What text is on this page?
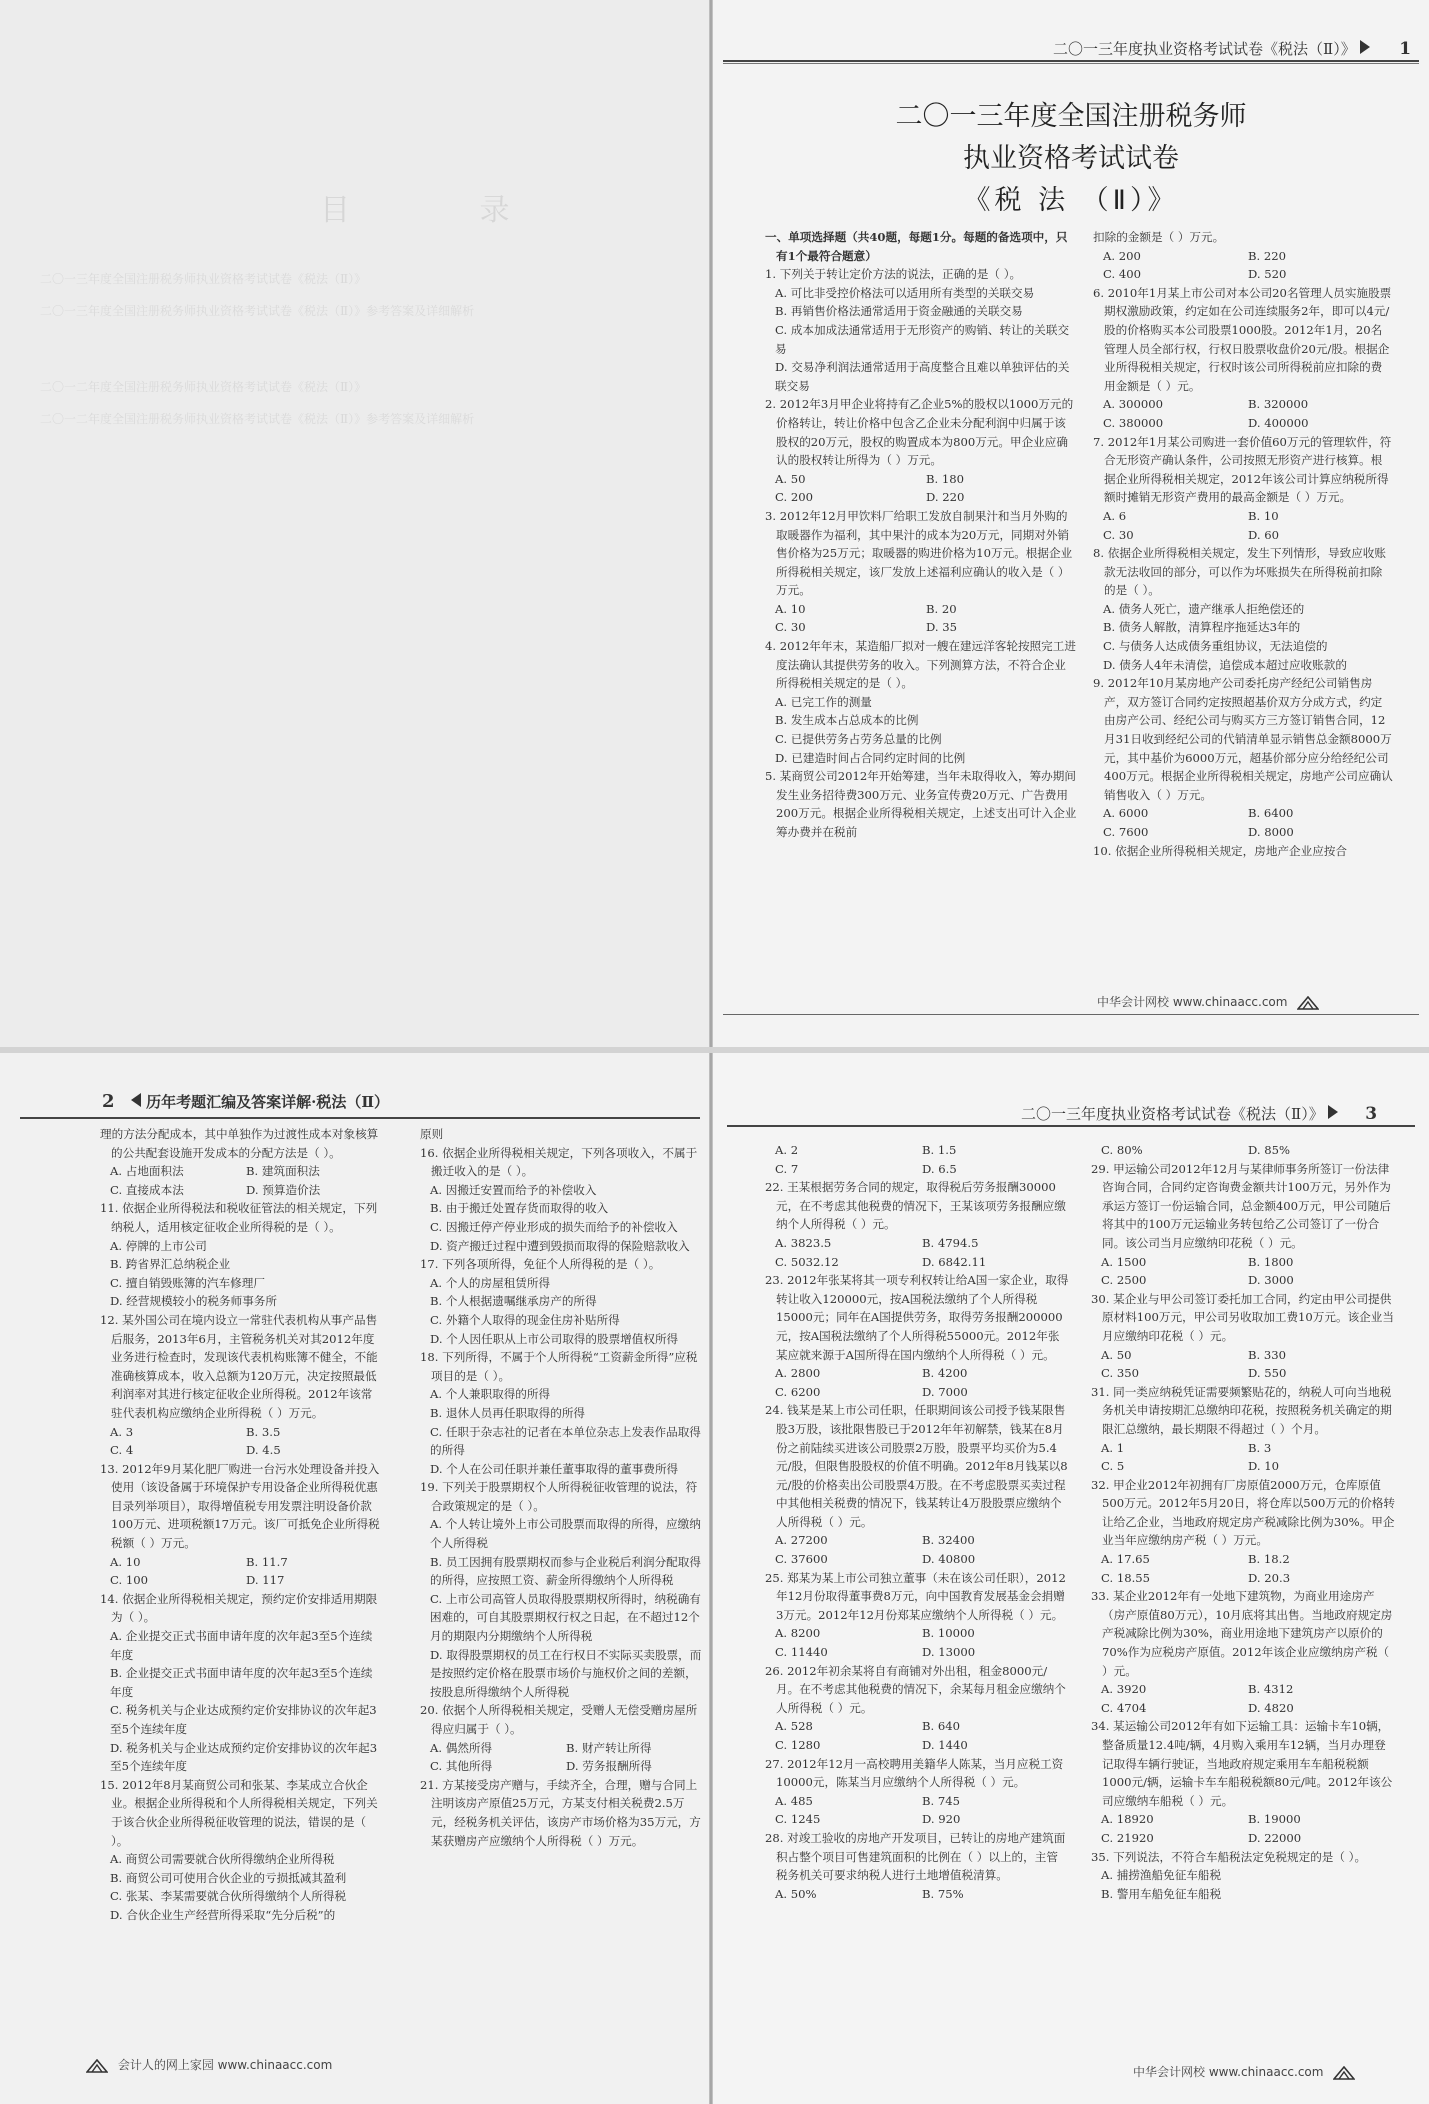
目 录
二〇一三年度全国注册税务师执业资格考试试卷《税法（Ⅱ）》
二〇一三年度全国注册税务师执业资格考试试卷《税法（Ⅱ）》参考答案及详细解析
二〇一二年度全国注册税务师执业资格考试试卷《税法（Ⅱ）》
二〇一二年度全国注册税务师执业资格考试试卷《税法（Ⅱ）》参考答案及详细解析
二〇一三年度执业资格考试试卷《税法（Ⅱ）》	1

一、单项选择题（共40题，每题1分。每题的备选项中，只有1个最符合题意）

1. 下列关于转让定价方法的说法，正确的是（ ）。

A. 可比非受控价格法可以适用所有类型的关联交易

B. 再销售价格法通常适用于资金融通的关联交易

C. 成本加成法通常适用于无形资产的购销、转让的关联交易

D. 交易净利润法通常适用于高度整合且难以单独评估的关联交易

2. 2012年3月甲企业将持有乙企业5%的股权以1000万元的价格转让，转让价格中包含乙企业未分配利润中归属于该股权的20万元，股权的购置成本为800万元。甲企业应确认的股权转让所得为（ ）万元。

A. 50	B. 180
C. 200	D. 220

3. 2012年12月甲饮料厂给职工发放自制果汁和当月外购的取暖器作为福利，其中果汁的成本为20万元，同期对外销售价格为25万元；取暖器的购进价格为10万元。根据企业所得税相关规定，该厂发放上述福利应确认的收入是（ ）万元。

A. 10	B. 20
C. 30	D. 35

4. 2012年年末，某造船厂拟对一艘在建远洋客轮按照完工进度法确认其提供劳务的收入。下列测算方法，不符合企业所得税相关规定的是（ ）。

A. 已完工作的测量

B. 发生成本占总成本的比例

C. 已提供劳务占劳务总量的比例

D. 已建造时间占合同约定时间的比例

5. 某商贸公司2012年开始筹建，当年未取得收入，筹办期间发生业务招待费300万元、业务宣传费20万元、广告费用200万元。根据企业所得税相关规定，上述支出可计入企业筹办费并在税前

扣除的金额是（ ）万元。

A. 200	B. 220
C. 400	D. 520

6. 2010年1月某上市公司对本公司20名管理人员实施股票期权激励政策，约定如在公司连续服务2年，即可以4元/股的价格购买本公司股票1000股。2012年1月，20名管理人员全部行权，行权日股票收盘价20元/股。根据企业所得税相关规定，行权时该公司所得税前应扣除的费用金额是（ ）元。

A. 300000	B. 320000
C. 380000	D. 400000

7. 2012年1月某公司购进一套价值60万元的管理软件，符合无形资产确认条件，公司按照无形资产进行核算。根据企业所得税相关规定，2012年该公司计算应纳税所得额时摊销无形资产费用的最高金额是（ ）万元。

A. 6	B. 10
C. 30	D. 60

8. 依据企业所得税相关规定，发生下列情形，导致应收账款无法收回的部分，可以作为坏账损失在所得税前扣除的是（ ）。

A. 债务人死亡，遗产继承人拒绝偿还的

B. 债务人解散，清算程序拖延达3年的

C. 与债务人达成债务重组协议，无法追偿的

D. 债务人4年未清偿，追偿成本超过应收账款的

9. 2012年10月某房地产公司委托房产经纪公司销售房产，双方签订合同约定按照超基价双方分成方式，约定由房产公司、经纪公司与购买方三方签订销售合同，12月31日收到经纪公司的代销清单显示销售总金额8000万元，其中基价为6000万元，超基价部分应分给经纪公司400万元。根据企业所得税相关规定，房地产公司应确认销售收入（ ）万元。

A. 6000	B. 6400
C. 7600	D. 8000

10. 依据企业所得税相关规定，房地产企业应按合

中华会计网校 www.chinaacc.com
二〇一三年度全国注册税务师
执业资格考试试卷
《税 法 （Ⅱ）》
2 历年考题汇编及答案详解·税法（Ⅱ）

理的方法分配成本，其中单独作为过渡性成本对象核算的公共配套设施开发成本的分配方法是（ ）。

A. 占地面积法	B. 建筑面积法
C. 直接成本法	D. 预算造价法

11. 依据企业所得税法和税收征管法的相关规定，下列纳税人，适用核定征收企业所得税的是（ ）。

A. 停牌的上市公司

B. 跨省界汇总纳税企业

C. 擅自销毁账簿的汽车修理厂

D. 经营规模较小的税务师事务所

12. 某外国公司在境内设立一常驻代表机构从事产品售后服务，2013年6月，主管税务机关对其2012年度业务进行检查时，发现该代表机构账簿不健全，不能准确核算成本，收入总额为120万元，决定按照最低利润率对其进行核定征收企业所得税。2012年该常驻代表机构应缴纳企业所得税（ ）万元。

A. 3	B. 3.5
C. 4	D. 4.5

13. 2012年9月某化肥厂购进一台污水处理设备并投入使用（该设备属于环境保护专用设备企业所得税优惠目录列举项目），取得增值税专用发票注明设备价款100万元、进项税额17万元。该厂可抵免企业所得税税额（ ）万元。

A. 10	B. 11.7
C. 100	D. 117

14. 依据企业所得税相关规定，预约定价安排适用期限为（ ）。

A. 企业提交正式书面申请年度的次年起3至5个连续年度

B. 企业提交正式书面申请年度的次年起3至5个连续年度

C. 税务机关与企业达成预约定价安排协议的次年起3至5个连续年度

D. 税务机关与企业达成预约定价安排协议的次年起3至5个连续年度

15. 2012年8月某商贸公司和张某、李某成立合伙企业。根据企业所得税和个人所得税相关规定，下列关于该合伙企业所得税征收管理的说法，错误的是（ ）。

A. 商贸公司需要就合伙所得缴纳企业所得税

B. 商贸公司可使用合伙企业的亏损抵减其盈利

C. 张某、李某需要就合伙所得缴纳个人所得税

D. 合伙企业生产经营所得采取“先分后税”的

原则

16. 依据企业所得税相关规定，下列各项收入，不属于搬迁收入的是（ ）。

A. 因搬迁安置而给予的补偿收入

B. 由于搬迁处置存货而取得的收入

C. 因搬迁停产停业形成的损失而给予的补偿收入

D. 资产搬迁过程中遭到毁损而取得的保险赔款收入

17. 下列各项所得，免征个人所得税的是（ ）。

A. 个人的房屋租赁所得

B. 个人根据遗嘱继承房产的所得

C. 外籍个人取得的现金住房补贴所得

D. 个人因任职从上市公司取得的股票增值权所得

18. 下列所得，不属于个人所得税“工资薪金所得”应税项目的是（ ）。

A. 个人兼职取得的所得

B. 退休人员再任职取得的所得

C. 任职于杂志社的记者在本单位杂志上发表作品取得的所得

D. 个人在公司任职并兼任董事取得的董事费所得

19. 下列关于股票期权个人所得税征收管理的说法，符合政策规定的是（ ）。

A. 个人转让境外上市公司股票而取得的所得，应缴纳个人所得税

B. 员工因拥有股票期权而参与企业税后利润分配取得的所得，应按照工资、薪金所得缴纳个人所得税

C. 上市公司高管人员取得股票期权所得时，纳税确有困难的，可自其股票期权行权之日起，在不超过12个月的期限内分期缴纳个人所得税

D. 取得股票期权的员工在行权日不实际买卖股票，而是按照约定价格在股票市场价与施权价之间的差额，按股息所得缴纳个人所得税

20. 依据个人所得税相关规定，受赠人无偿受赠房屋所得应归属于（ ）。

A. 偶然所得	B. 财产转让所得
C. 其他所得	D. 劳务报酬所得

21. 方某接受房产赠与，手续齐全，合理，赠与合同上注明该房产原值25万元，方某支付相关税费2.5万元，经税务机关评估，该房产市场价格为35万元，方某获赠房产应缴纳个人所得税（ ）万元。

会计人的网上家园 www.chinaacc.com
二〇一三年度执业资格考试试卷《税法（Ⅱ）》 3
A. 2	B. 1.5
C. 7	D. 6.5

22. 王某根据劳务合同的规定，取得税后劳务报酬30000元，在不考虑其他税费的情况下，王某该项劳务报酬应缴纳个人所得税（ ）元。

A. 3823.5	B. 4794.5
C. 5032.12	D. 6842.11

23. 2012年张某将其一项专利权转让给A国一家企业，取得转让收入120000元，按A国税法缴纳了个人所得税15000元；同年在A国提供劳务，取得劳务报酬200000元，按A国税法缴纳了个人所得税55000元。2012年张某应就来源于A国所得在国内缴纳个人所得税（ ）元。

A. 2800	B. 4200
C. 6200	D. 7000

24. 钱某是某上市公司任职，任职期间该公司授予钱某限售股3万股，该批限售股已于2012年年初解禁，钱某在8月份之前陆续买进该公司股票2万股，股票平均买价为5.4元/股，但限售股股权的价值不明确。2012年8月钱某以8元/股的价格卖出公司股票4万股。在不考虑股票买卖过程中其他相关税费的情况下，钱某转让4万股股票应缴纳个人所得税（ ）元。

A. 27200	B. 32400
C. 37600	D. 40800

25. 郑某为某上市公司独立董事（未在该公司任职），2012年12月份取得董事费8万元，向中国教育发展基金会捐赠3万元。2012年12月份郑某应缴纳个人所得税（ ）元。

A. 8200	B. 10000
C. 11440	D. 13000

26. 2012年初余某将自有商铺对外出租，租金8000元/月。在不考虑其他税费的情况下，余某每月租金应缴纳个人所得税（ ）元。

A. 528	B. 640
C. 1280	D. 1440

27. 2012年12月一高校聘用美籍华人陈某，当月应税工资10000元，陈某当月应缴纳个人所得税（ ）元。

A. 485	B. 745
C. 1245	D. 920

28. 对竣工验收的房地产开发项目，已转让的房地产建筑面积占整个项目可售建筑面积的比例在（ ）以上的，主管税务机关可要求纳税人进行土地增值税清算。

A. 50%	B. 75%
C. 80%	D. 85%

29. 甲运输公司2012年12月与某律师事务所签订一份法律咨询合同，合同约定咨询费金额共计100万元，另外作为承运方签订一份运输合同，总金额400万元，甲公司随后将其中的100万元运输业务转包给乙公司签订了一份合同。该公司当月应缴纳印花税（ ）元。

A. 1500	B. 1800
C. 2500	D. 3000

30. 某企业与甲公司签订委托加工合同，约定由甲公司提供原材料100万元，甲公司另收取加工费10万元。该企业当月应缴纳印花税（ ）元。

A. 50	B. 330
C. 350	D. 550

31. 同一类应纳税凭证需要频繁贴花的，纳税人可向当地税务机关申请按期汇总缴纳印花税，按照税务机关确定的期限汇总缴纳，最长期限不得超过（ ）个月。

A. 1	B. 3
C. 5	D. 10

32. 甲企业2012年初拥有厂房原值2000万元，仓库原值500万元。2012年5月20日，将仓库以500万元的价格转让给乙企业，当地政府规定房产税减除比例为30%。甲企业当年应缴纳房产税（ ）万元。

A. 17.65	B. 18.2
C. 18.55	D. 20.3

33. 某企业2012年有一处地下建筑物，为商业用途房产（房产原值80万元），10月底将其出售。当地政府规定房产税减除比例为30%，商业用途地下建筑房产以原价的70%作为应税房产原值。2012年该企业应缴纳房产税（ ）元。

A. 3920	B. 4312
C. 4704	D. 4820

34. 某运输公司2012年有如下运输工具：运输卡车10辆，整备质量12.4吨/辆，4月购入乘用车12辆，当月办理登记取得车辆行驶证，当地政府规定乘用车车船税税额1000元/辆，运输卡车车船税税额80元/吨。2012年该公司应缴纳车船税（ ）元。

A. 18920	B. 19000
C. 21920	D. 22000

35. 下列说法，不符合车船税法定免税规定的是（ ）。

A. 捕捞渔船免征车船税

B. 警用车船免征车船税

中华会计网校 www.chinaacc.com
